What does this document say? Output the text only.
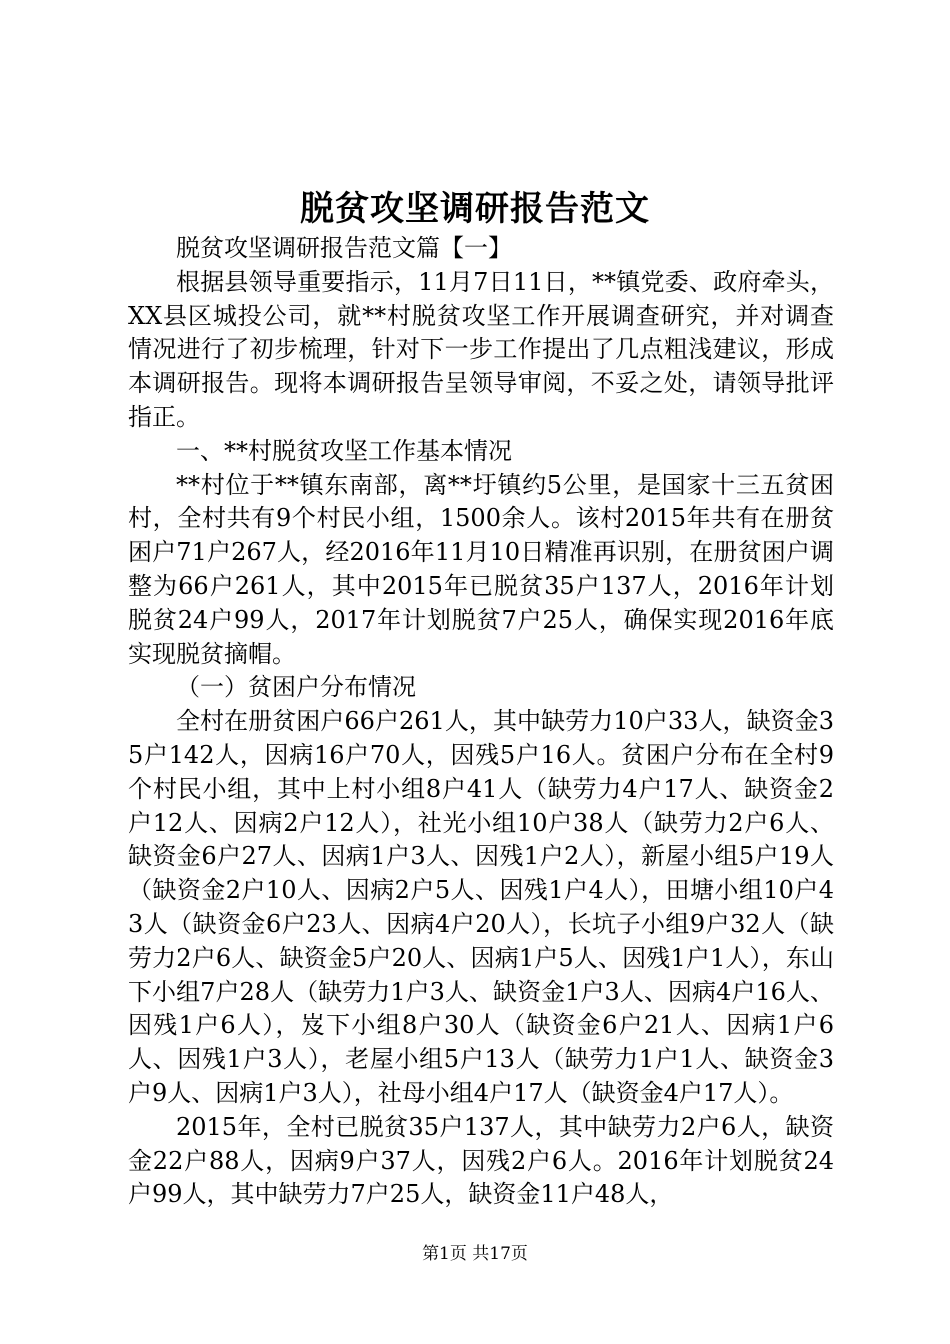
脱贫攻坚调研报告范文

脱贫攻坚调研报告范文篇【一】

根据县领导重要指示，11月7日11日，**镇党委、政府牵头，XX县区城投公司，就**村脱贫攻坚工作开展调查研究，并对调查情况进行了初步梳理，针对下一步工作提出了几点粗浅建议，形成本调研报告。现将本调研报告呈领导审阅，不妥之处，请领导批评指正。

一、**村脱贫攻坚工作基本情况

**村位于**镇东南部，离**圩镇约5公里，是国家十三五贫困村，全村共有9个村民小组，1500余人。该村2015年共有在册贫困户71户267人，经2016年11月10日精准再识别，在册贫困户调整为66户261人，其中2015年已脱贫35户137人，2016年计划脱贫24户99人，2017年计划脱贫7户25人，确保实现2016年底实现脱贫摘帽。

（一）贫困户分布情况

全村在册贫困户66户261人，其中缺劳力10户33人，缺资金35户142人，因病16户70人，因残5户16人。贫困户分布在全村9个村民小组，其中上村小组8户41人（缺劳力4户17人、缺资金2户12人、因病2户12人），社光小组10户38人（缺劳力2户6人、缺资金6户27人、因病1户3人、因残1户2人），新屋小组5户19人（缺资金2户10人、因病2户5人、因残1户4人），田塘小组10户43人（缺资金6户23人、因病4户20人），长坑子小组9户32人（缺劳力2户6人、缺资金5户20人、因病1户5人、因残1户1人），东山下小组7户28人（缺劳力1户3人、缺资金1户3人、因病4户16人、因残1户6人），岌下小组8户30人（缺资金6户21人、因病1户6人、因残1户3人），老屋小组5户13人（缺劳力1户1人、缺资金3户9人、因病1户3人），社母小组4户17人（缺资金4户17人）。

2015年，全村已脱贫35户137人，其中缺劳力2户6人，缺资金22户88人，因病9户37人，因残2户6人。2016年计划脱贫24户99人，其中缺劳力7户25人，缺资金11户48人，

第1页 共17页
